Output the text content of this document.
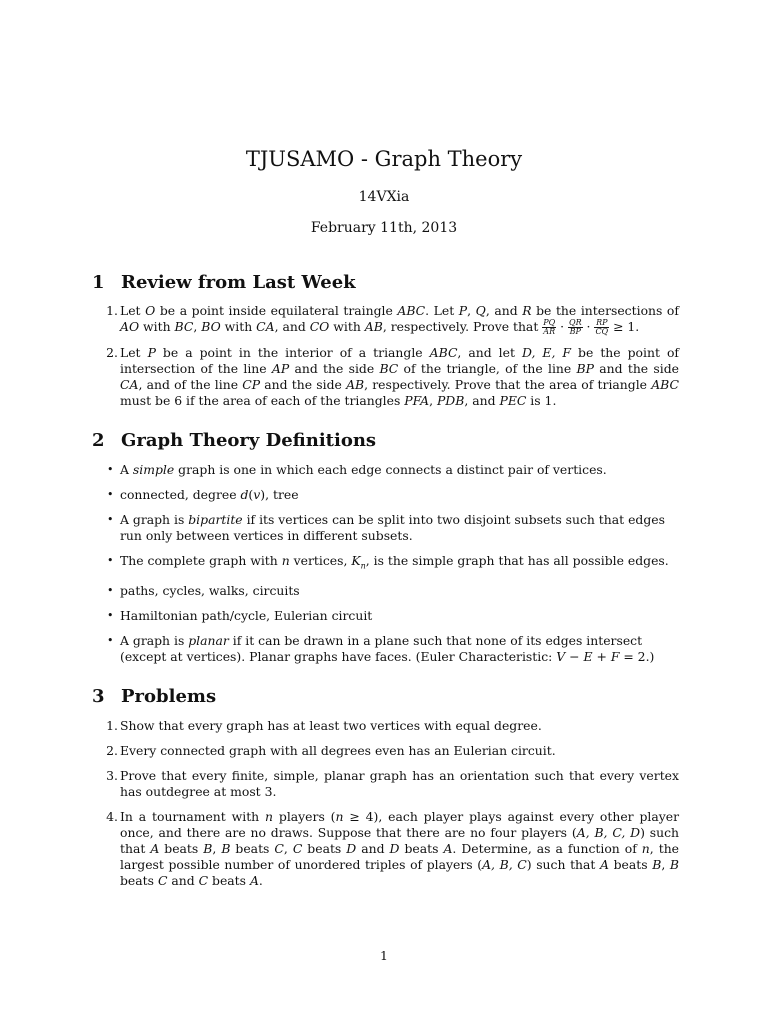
TJUSAMO - Graph Theory
14VXia
February 11th, 2013
1 Review from Last Week
1. Let O be a point inside equilateral traingle ABC. Let P, Q, and R be the intersections of AO with BC, BO with CA, and CO with AB, respectively. Prove that $\frac{PQ}{AR} \cdot \frac{QR}{BP} \cdot \frac{RP}{CQ} \ge 1$.
2. Let P be a point in the interior of a triangle ABC, and let D, E, F be the point of intersection of the line AP and the side BC of the triangle, of the line BP and the side CA, and of the line CP and the side AB, respectively. Prove that the area of triangle ABC must be 6 if the area of each of the triangles PFA, PDB, and PEC is 1.
2 Graph Theory Definitions
• A simple graph is one in which each edge connects a distinct pair of vertices.
• connected, degree d(v), tree
• A graph is bipartite if its vertices can be split into two disjoint subsets such that edges run only between vertices in different subsets.
• The complete graph with n vertices, $K_n$, is the simple graph that has all possible edges.
• paths, cycles, walks, circuits
• Hamiltonian path/cycle, Eulerian circuit
• A graph is planar if it can be drawn in a plane such that none of its edges intersect (except at vertices). Planar graphs have faces. (Euler Characteristic: V − E + F = 2.)
3 Problems
1. Show that every graph has at least two vertices with equal degree.
2. Every connected graph with all degrees even has an Eulerian circuit.
3. Prove that every finite, simple, planar graph has an orientation such that every vertex has outdegree at most 3.
4. In a tournament with n players (n ≥ 4), each player plays against every other player once, and there are no draws. Suppose that there are no four players (A, B, C, D) such that A beats B, B beats C, C beats D and D beats A. Determine, as a function of n, the largest possible number of unordered triples of players (A, B, C) such that A beats B, B beats C and C beats A.
1
